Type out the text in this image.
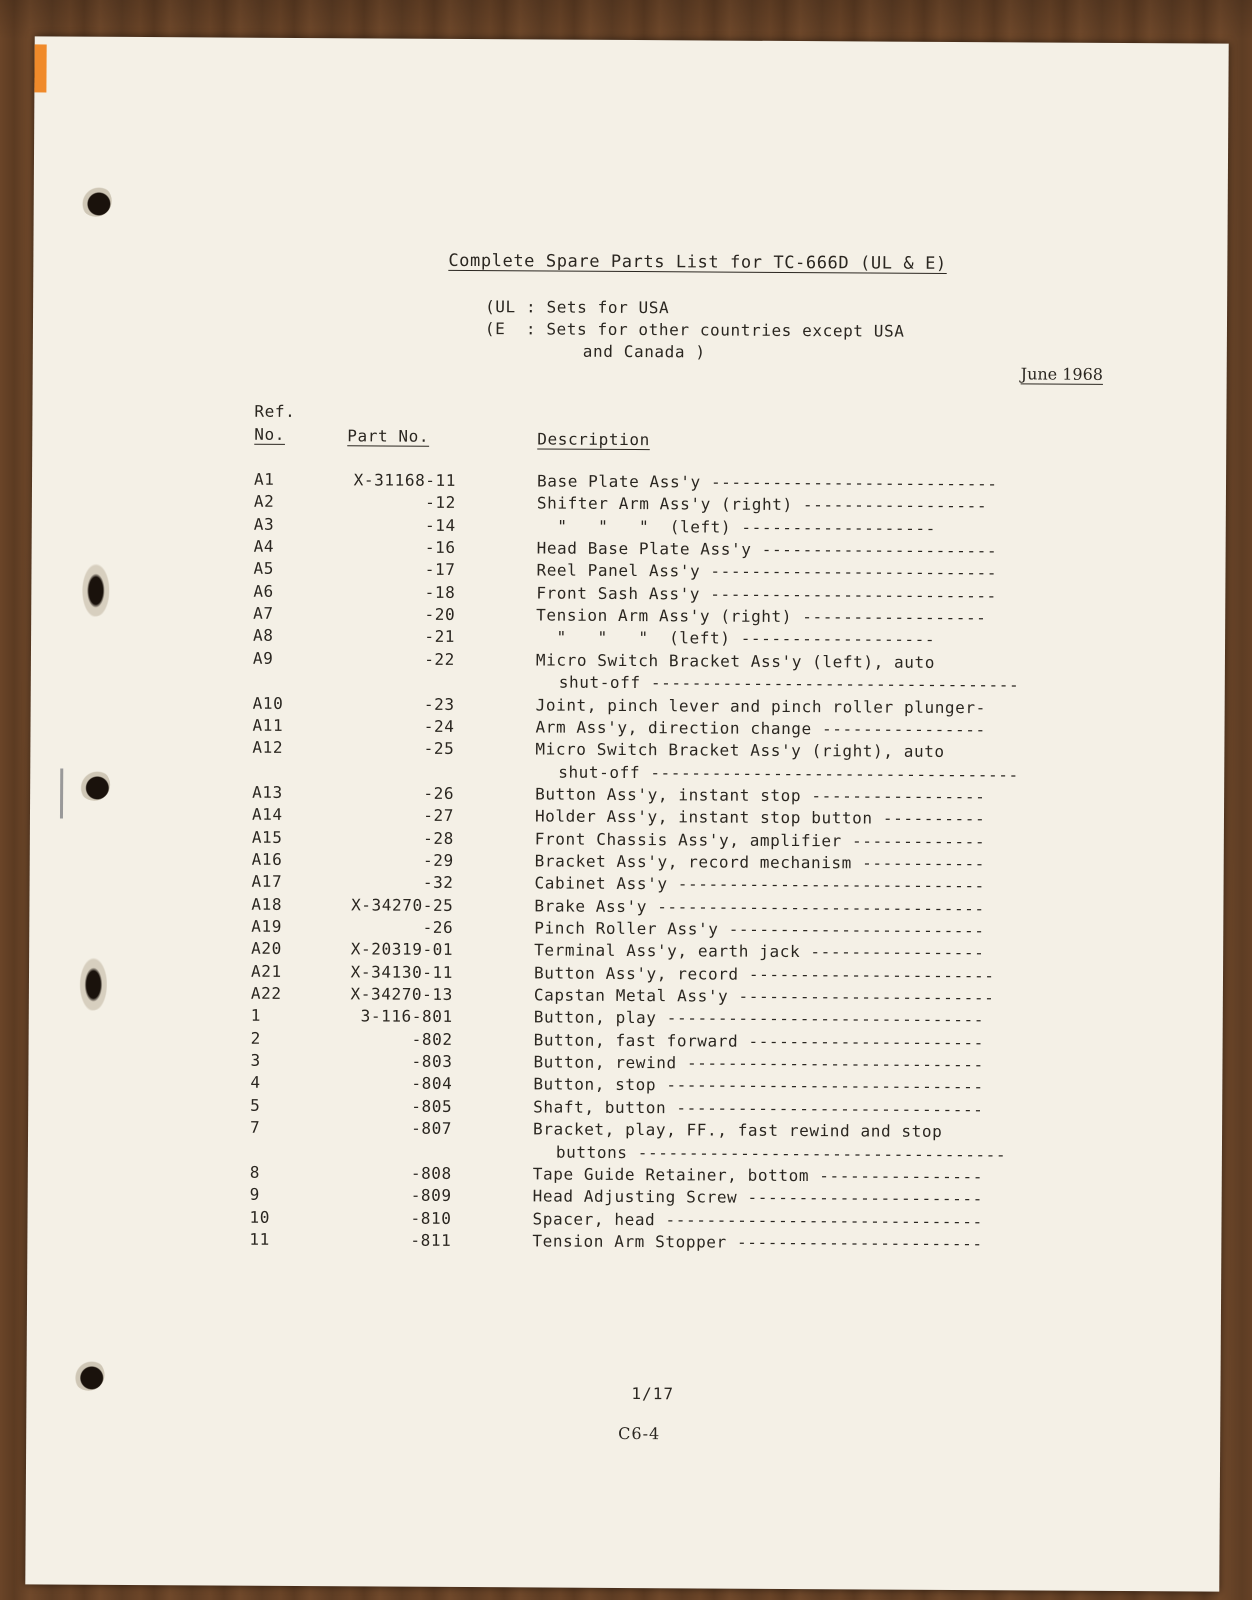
Complete Spare Parts List for TC-666D (UL & E)
(UL : Sets for USA
(E  : Sets for other countries except USA
and Canada )
June 1968
Ref.
No.	Part No.	Description
A1	X-31168-11	Base Plate Ass'y ----------------------------
A2	-12	Shifter Arm Ass'y (right) ------------------
A3	-14	"   "   "  (left) -------------------
A4	-16	Head Base Plate Ass'y -----------------------
A5	-17	Reel Panel Ass'y ----------------------------
A6	-18	Front Sash Ass'y ----------------------------
A7	-20	Tension Arm Ass'y (right) ------------------
A8	-21	"   "   "  (left) -------------------
A9	-22	Micro Switch Bracket Ass'y (left), auto
shut-off ------------------------------------
A10	-23	Joint, pinch lever and pinch roller plunger-
A11	-24	Arm Ass'y, direction change ----------------
A12	-25	Micro Switch Bracket Ass'y (right), auto
shut-off ------------------------------------
A13	-26	Button Ass'y, instant stop -----------------
A14	-27	Holder Ass'y, instant stop button ----------
A15	-28	Front Chassis Ass'y, amplifier -------------
A16	-29	Bracket Ass'y, record mechanism ------------
A17	-32	Cabinet Ass'y ------------------------------
A18	X-34270-25	Brake Ass'y --------------------------------
A19	-26	Pinch Roller Ass'y -------------------------
A20	X-20319-01	Terminal Ass'y, earth jack -----------------
A21	X-34130-11	Button Ass'y, record ------------------------
A22	X-34270-13	Capstan Metal Ass'y -------------------------
1	3-116-801	Button, play -------------------------------
2	-802	Button, fast forward -----------------------
3	-803	Button, rewind -----------------------------
4	-804	Button, stop -------------------------------
5	-805	Shaft, button ------------------------------
7	-807	Bracket, play, FF., fast rewind and stop
buttons ------------------------------------
8	-808	Tape Guide Retainer, bottom ----------------
9	-809	Head Adjusting Screw -----------------------
10	-810	Spacer, head -------------------------------
11	-811	Tension Arm Stopper ------------------------
1/17
C6-4
